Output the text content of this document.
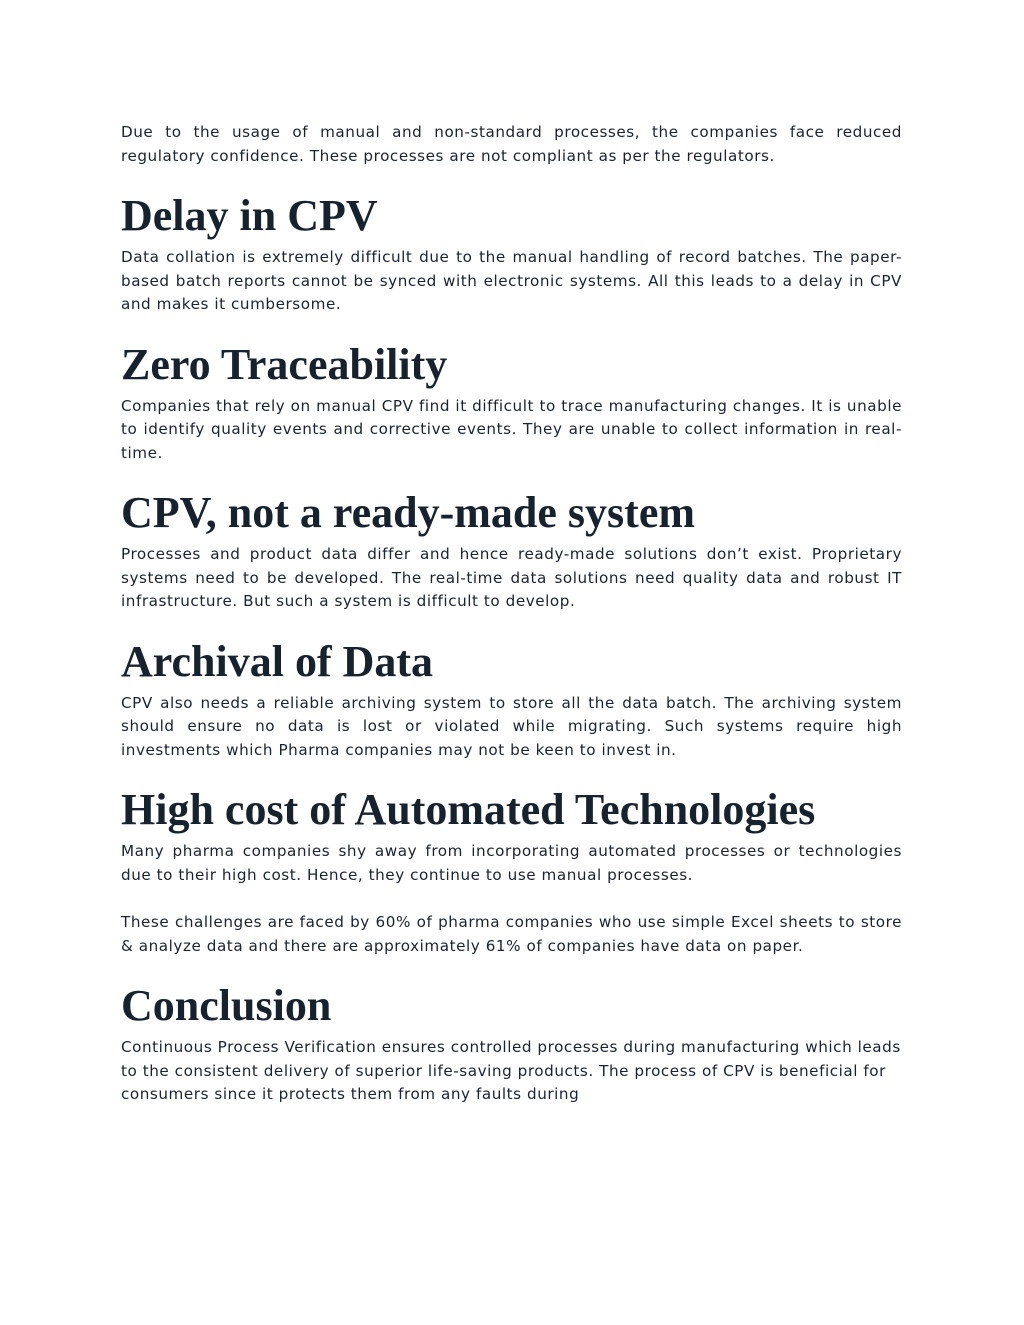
Due to the usage of manual and non-standard processes, the companies face reduced regulatory confidence. These processes are not compliant as per the regulators.

Delay in CPV

Data collation is extremely difficult due to the manual handling of record batches. The paper-based batch reports cannot be synced with electronic systems. All this leads to a delay in CPV and makes it cumbersome.

Zero Traceability

Companies that rely on manual CPV find it difficult to trace manufacturing changes. It is unable to identify quality events and corrective events. They are unable to collect information in real-time.

CPV, not a ready-made system

Processes and product data differ and hence ready-made solutions don’t exist. Proprietary systems need to be developed. The real-time data solutions need quality data and robust IT infrastructure. But such a system is difficult to develop.

Archival of Data

CPV also needs a reliable archiving system to store all the data batch. The archiving system should ensure no data is lost or violated while migrating. Such systems require high investments which Pharma companies may not be keen to invest in.

High cost of Automated Technologies

Many pharma companies shy away from incorporating automated processes or technologies due to their high cost. Hence, they continue to use manual processes.

These challenges are faced by 60% of pharma companies who use simple Excel sheets to store & analyze data and there are approximately 61% of companies have data on paper.

Conclusion

Continuous Process Verification ensures controlled processes during manufacturing which leads to the consistent delivery of superior life-saving products. The process of CPV is beneficial for consumers since it protects them from any faults during
